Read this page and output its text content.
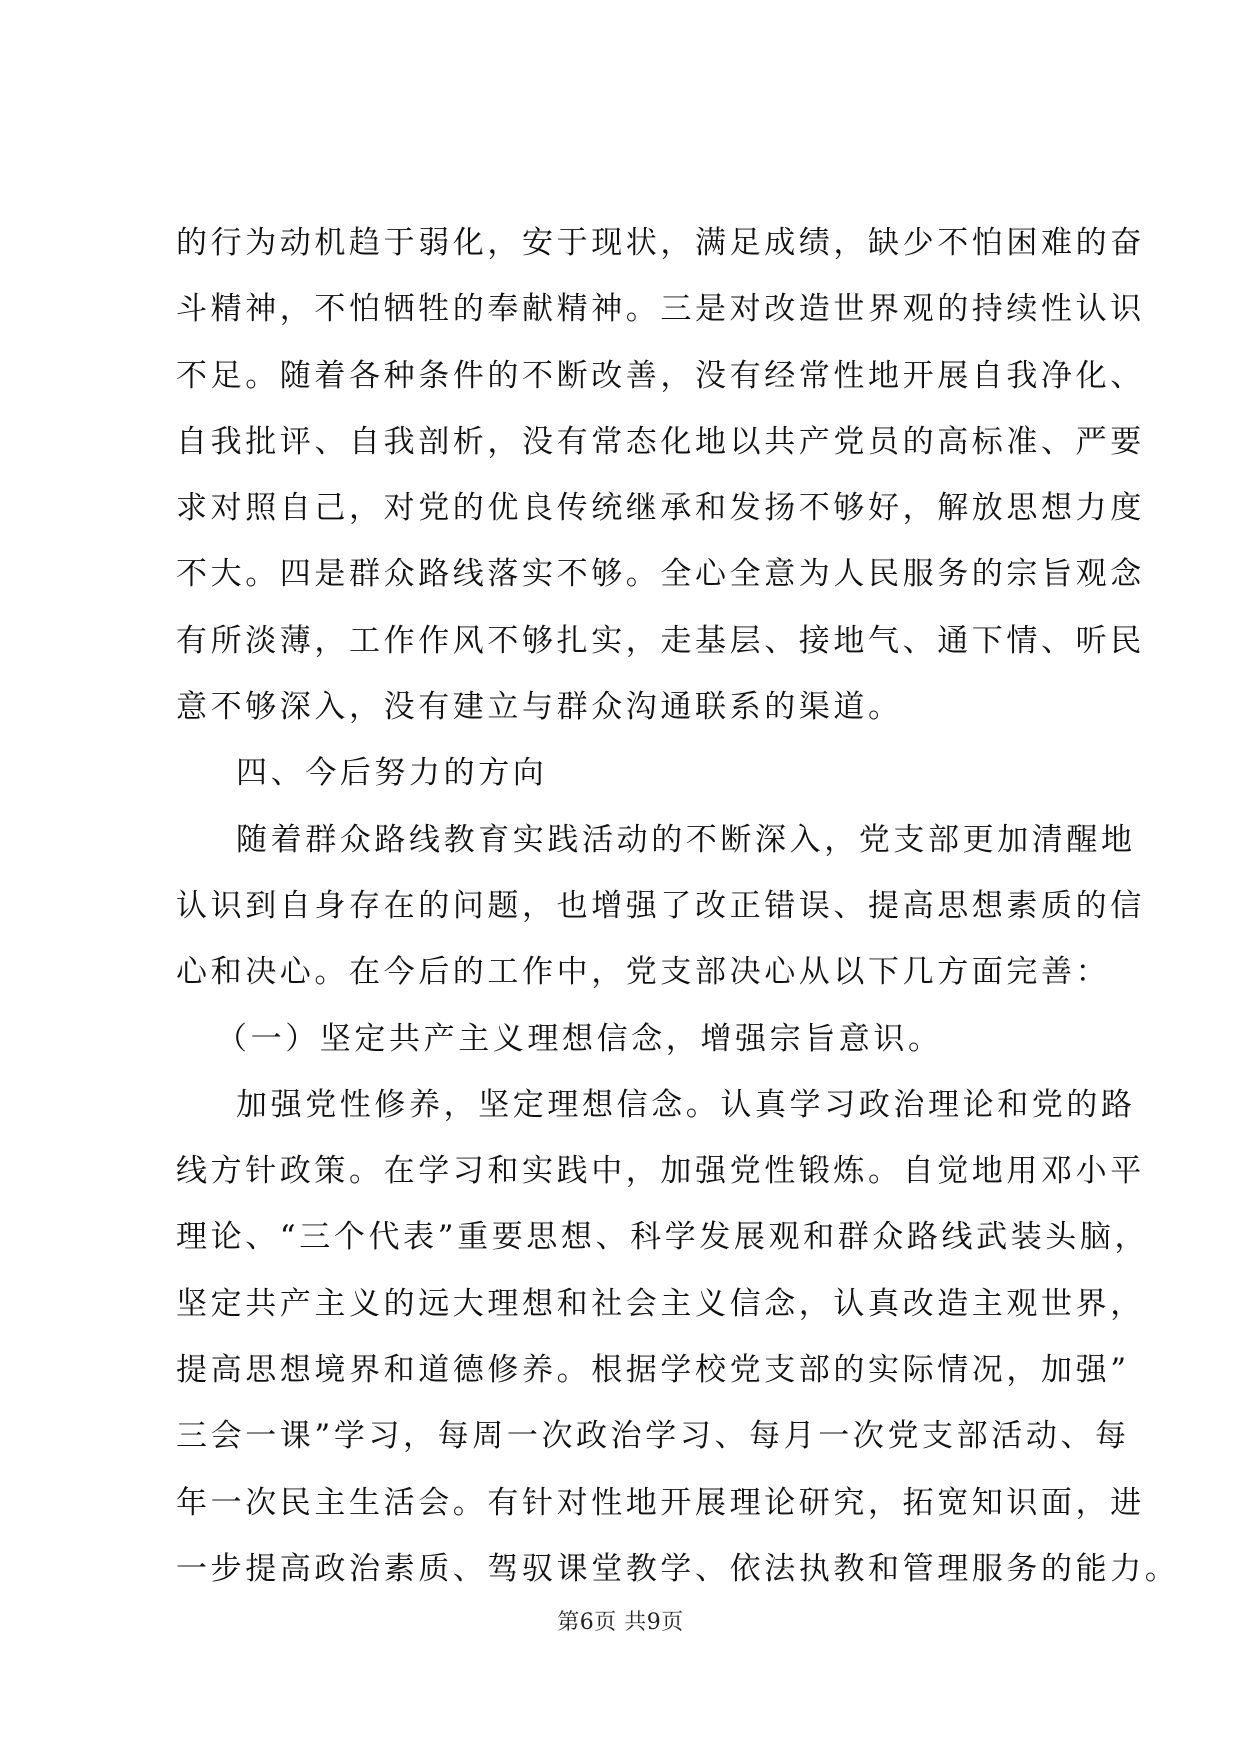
的行为动机趋于弱化，安于现状，满足成绩，缺少不怕困难的奋
斗精神，不怕牺牲的奉献精神。三是对改造世界观的持续性认识
不足。随着各种条件的不断改善，没有经常性地开展自我净化、
自我批评、自我剖析，没有常态化地以共产党员的高标准、严要
求对照自己，对党的优良传统继承和发扬不够好，解放思想力度
不大。四是群众路线落实不够。全心全意为人民服务的宗旨观念
有所淡薄，工作作风不够扎实，走基层、接地气、通下情、听民
意不够深入，没有建立与群众沟通联系的渠道。
四、今后努力的方向
随着群众路线教育实践活动的不断深入，党支部更加清醒地
认识到自身存在的问题，也增强了改正错误、提高思想素质的信
心和决心。在今后的工作中，党支部决心从以下几方面完善：
（一）坚定共产主义理想信念，增强宗旨意识。
加强党性修养，坚定理想信念。认真学习政治理论和党的路
线方针政策。在学习和实践中，加强党性锻炼。自觉地用邓小平
理论、“三个代表”重要思想、科学发展观和群众路线武装头脑，
坚定共产主义的远大理想和社会主义信念，认真改造主观世界，
提高思想境界和道德修养。根据学校党支部的实际情况，加强”
三会一课”学习，每周一次政治学习、每月一次党支部活动、每
年一次民主生活会。有针对性地开展理论研究，拓宽知识面，进
一步提高政治素质、驾驭课堂教学、依法执教和管理服务的能力。
第6页 共9页
